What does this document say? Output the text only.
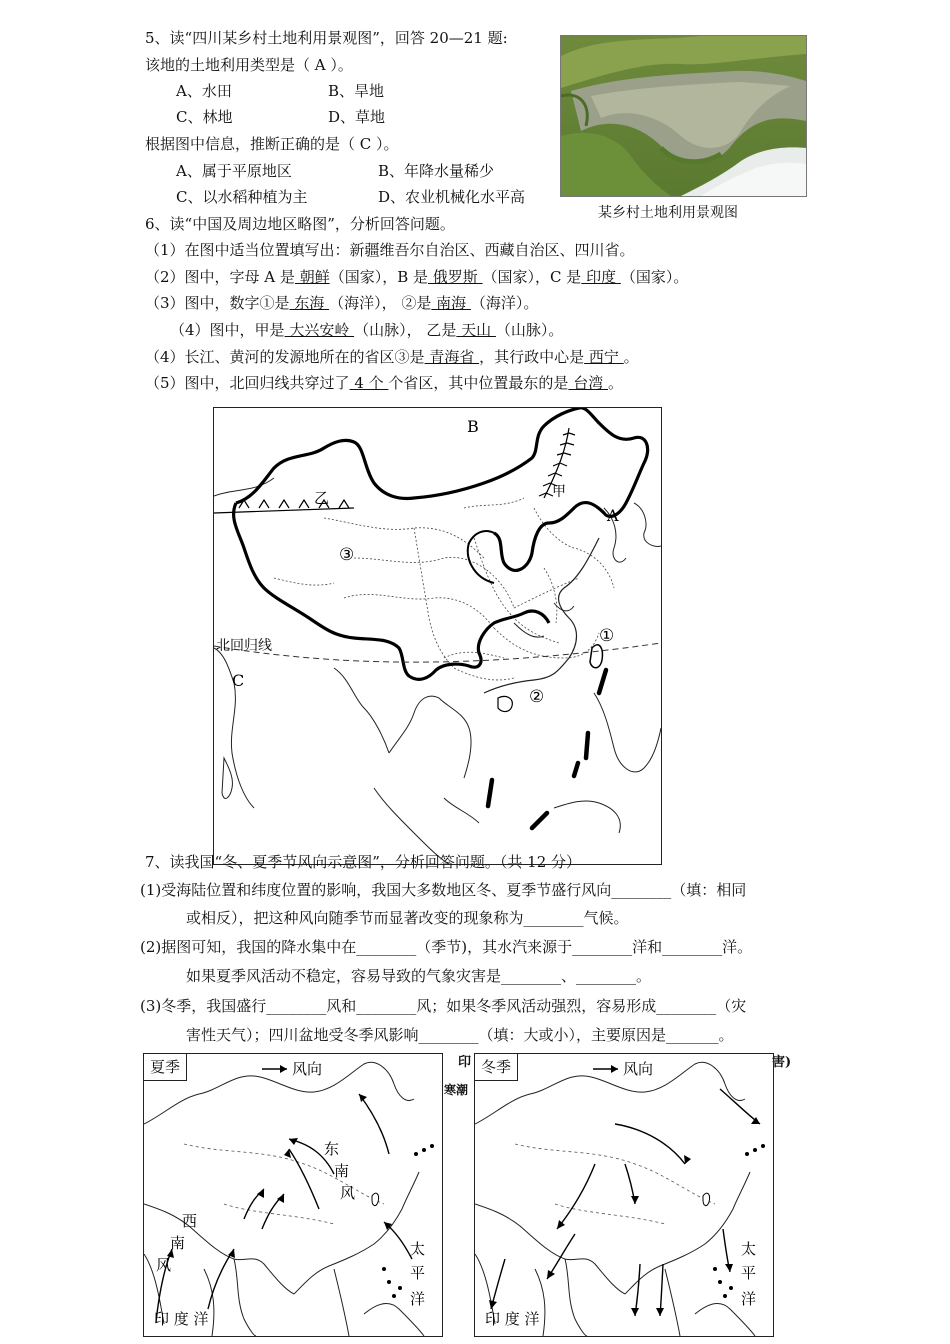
5、读“四川某乡村土地利用景观图”，回答 20—21 题:
该地的土地利用类型是（ A ）。
A、水田	B、旱地
C、林地	D、草地
根据图中信息，推断正确的是（ C ）。
A、属于平原地区	B、年降水量稀少
C、以水稻种植为主	D、农业机械化水平高
某乡村土地利用景观图
6、读“中国及周边地区略图”，分析回答问题。
（1）在图中适当位置填写出：新疆维吾尔自治区、西藏自治区、四川省。
（2）图中，字母 A 是 朝鲜（国家），B 是 俄罗斯 （国家），C 是 印度 （国家）。
（3）图中，数字①是 东海 （海洋）， ②是 南海 （海洋）。
（4）图中，甲是 大兴安岭 （山脉）， 乙是 天山 （山脉）。
（4）长江、黄河的发源地所在的省区③是 青海省 ，其行政中心是 西宁 。
（5）图中，北回归线共穿过了 4 个 个省区，其中位置最东的是 台湾 。
B
A
C
甲
乙
③
①
②
北回归线
7、读我国“冬、夏季节风向示意图”，分析回答问题。（共 12 分）
(1)受海陆位置和纬度位置的影响，我国大多数地区冬、夏季节盛行风向________（填：相同
或相反），把这种风向随季节而显著改变的现象称为________气候。
(2)据图可知，我国的降水集中在________（季节)，其水汽来源于________洋和________洋。
如果夏季风活动不稳定，容易导致的气象灾害是________、________。
(3)冬季，我国盛行________风和________风；如果冬季风活动强烈，容易形成________（灾
害性天气）；四川盆地受冬季风影响________（填：大或小），主要原因是_______。
印
寒潮
害)
东
南
风
西
南
风
太
平
洋
印 度 洋
风向
夏季
太
平
洋
印 度 洋
风向
冬季
